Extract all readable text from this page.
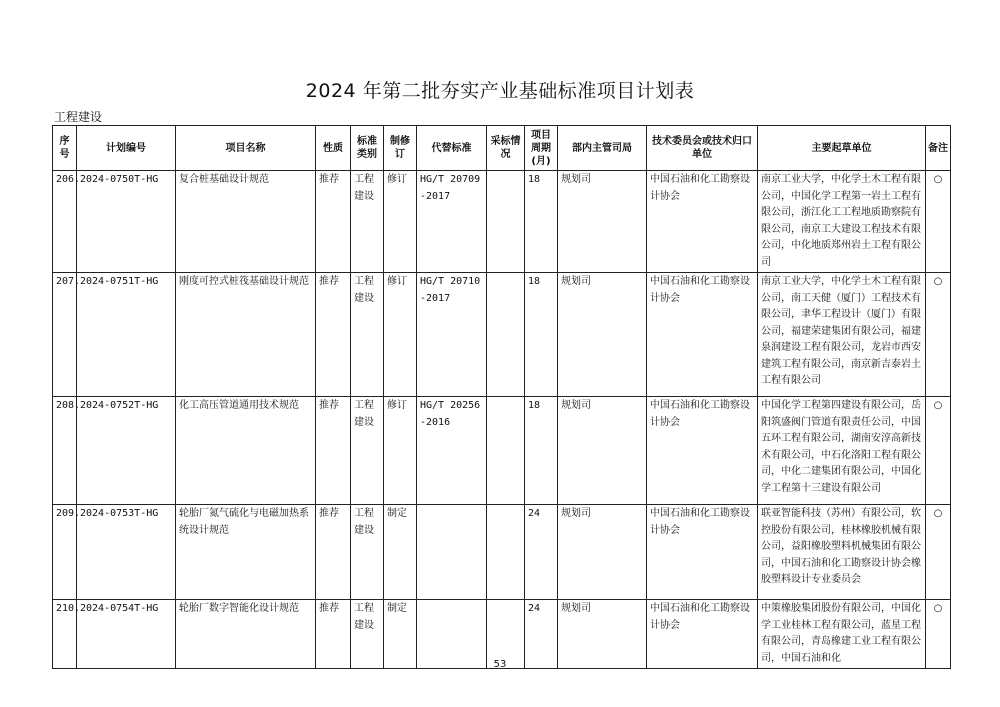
2024 年第二批夯实产业基础标准项目计划表
工程建设
序号	计划编号	项目名称	性质	标准类别	制修订	代替标准	采标情况	项目周期(月)	部内主管司局	技术委员会或技术归口单位	主要起草单位	备注
206.	2024-0750T-HG	复合桩基础设计规范	推荐	工程建设	修订	HG/T 20709-2017		18	规划司	中国石油和化工勘察设计协会	南京工业大学，中化学土木工程有限公司，中国化学工程第一岩土工程有限公司，浙江化工工程地质勘察院有限公司，南京工大建设工程技术有限公司，中化地质郑州岩土工程有限公司	○
207.	2024-0751T-HG	刚度可控式桩筏基础设计规范	推荐	工程建设	修订	HG/T 20710-2017		18	规划司	中国石油和化工勘察设计协会	南京工业大学，中化学土木工程有限公司，南工天健（厦门）工程技术有限公司，聿华工程设计（厦门）有限公司，福建荣建集团有限公司，福建泉润建设工程有限公司，龙岩市西安建筑工程有限公司，南京新吉泰岩土工程有限公司	○
208.	2024-0752T-HG	化工高压管道通用技术规范	推荐	工程建设	修订	HG/T 20256-2016		18	规划司	中国石油和化工勘察设计协会	中国化学工程第四建设有限公司，岳阳筑盛阀门管道有限责任公司，中国五环工程有限公司，湖南安淳高新技术有限公司，中石化洛阳工程有限公司，中化二建集团有限公司，中国化学工程第十三建设有限公司	○
209.	2024-0753T-HG	轮胎厂氮气硫化与电磁加热系统设计规范	推荐	工程建设	制定			24	规划司	中国石油和化工勘察设计协会	联亚智能科技（苏州）有限公司，软控股份有限公司，桂林橡胶机械有限公司，益阳橡胶塑料机械集团有限公司，中国石油和化工勘察设计协会橡胶塑料设计专业委员会	○
210.	2024-0754T-HG	轮胎厂数字智能化设计规范	推荐	工程建设	制定			24	规划司	中国石油和化工勘察设计协会	中策橡胶集团股份有限公司，中国化学工业桂林工程有限公司，蓝星工程有限公司，青岛橡建工业工程有限公司，中国石油和化	○
53
